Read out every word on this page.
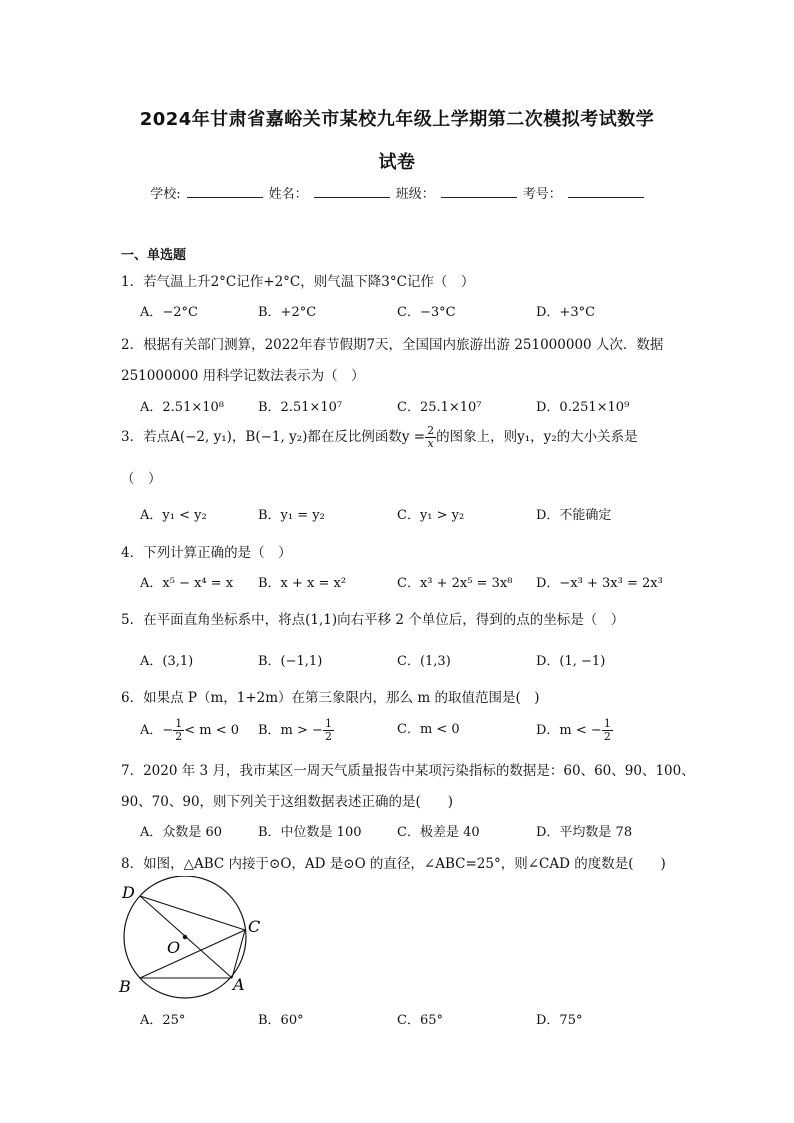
2024年甘肃省嘉峪关市某校九年级上学期第二次模拟考试数学
试卷
学校:	姓名：	班级：	考号：
一、单选题
1．若气温上升2°C记作+2°C，则气温下降3°C记作（　）
A．−2°C	B．+2°C	C．−3°C	D．+3°C
2．根据有关部门测算，2022年春节假期7天，全国国内旅游出游 251000000 人次．数据
251000000 用科学记数法表示为（　）
A．2.51×10⁸	B．2.51×10⁷	C．25.1×10⁷	D．0.251×10⁹
3．若点A(−2, y₁)，B(−1, y₂)都在反比例函数$y = \frac{2}{x}$ 的图象上，则y₁，y₂的大小关系是
（　）
A．y₁ < y₂	B．y₁ = y₂	C．y₁ > y₂	D．不能确定
4．下列计算正确的是（　）
A．x⁵ − x⁴ = x B．x + x = x²	C．x³ + 2x⁵ = 3x⁸ D．−x³ + 3x³ = 2x³
5．在平面直角坐标系中，将点(1,1)向右平移 2 个单位后，得到的点的坐标是（　）
A．(3,1)	B．(−1,1)	C．(1,3)	D．(1, −1)
6．如果点 P（m，1+2m）在第三象限内，那么 m 的取值范围是(　)
A．− $\frac{1}{2} < m < 0$ B．m > − $\frac{1}{2}$	C．m < 0	D．m < − $\frac{1}{2}$
7．2020 年 3 月，我市某区一周天气质量报告中某项污染指标的数据是：60、60、90、100、
90、70、90，则下列关于这组数据表述正确的是(　　)
A．众数是 60	B．中位数是 100	C．极差是 40	D．平均数是 78
8．如图，△ABC 内接于⊙O，AD 是⊙O 的直径，∠ABC=25°，则∠CAD 的度数是(　　)
D
C
O
B	A
A．25°	B．60°	C．65°	D．75°
